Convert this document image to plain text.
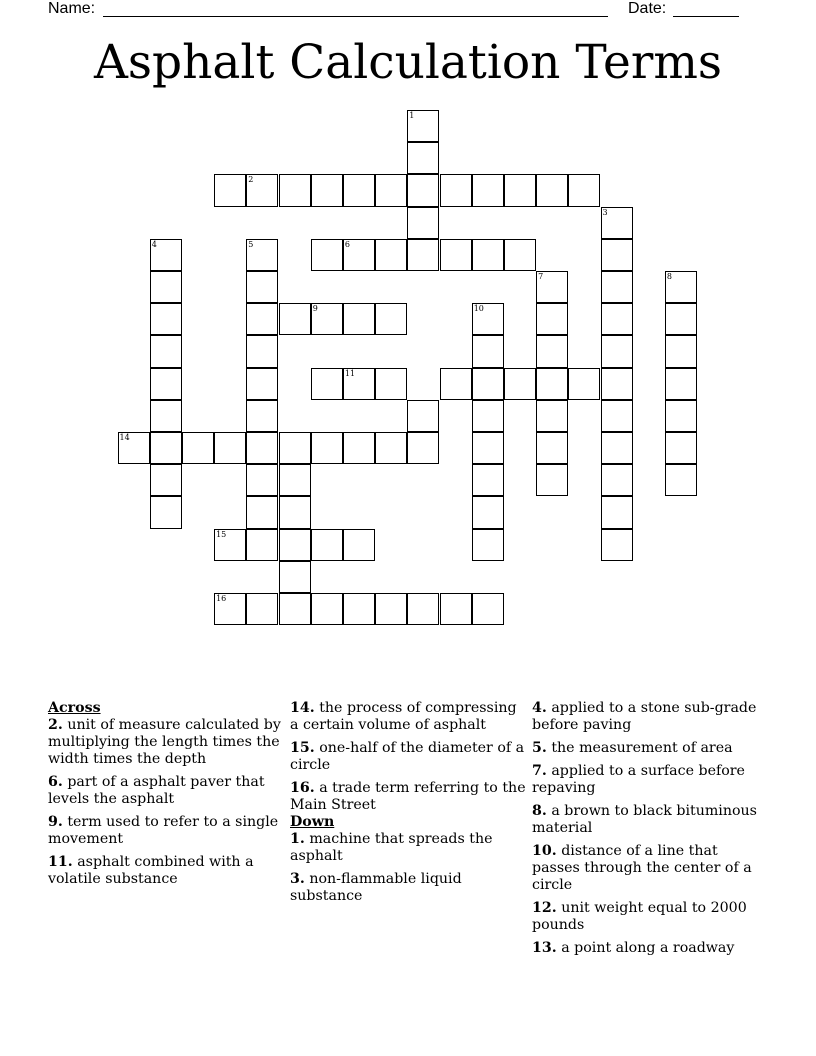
Name:	Date:
Asphalt Calculation Terms
1
2
3
4	5	6
7	8
9	10
11
14
15
16
Across
2. unit of measure calculated by multiplying the length times the width times the depth
6. part of a asphalt paver that levels the asphalt
9. term used to refer to a single movement
11. asphalt combined with a volatile substance
14. the process of compressing a certain volume of asphalt
15. one-half of the diameter of a circle
16. a trade term referring to the Main Street
Down
1. machine that spreads the asphalt
3. non-flammable liquid substance
4. applied to a stone sub-grade before paving
5. the measurement of area
7. applied to a surface before repaving
8. a brown to black bituminous material
10. distance of a line that passes through the center of a circle
12. unit weight equal to 2000 pounds
13. a point along a roadway
